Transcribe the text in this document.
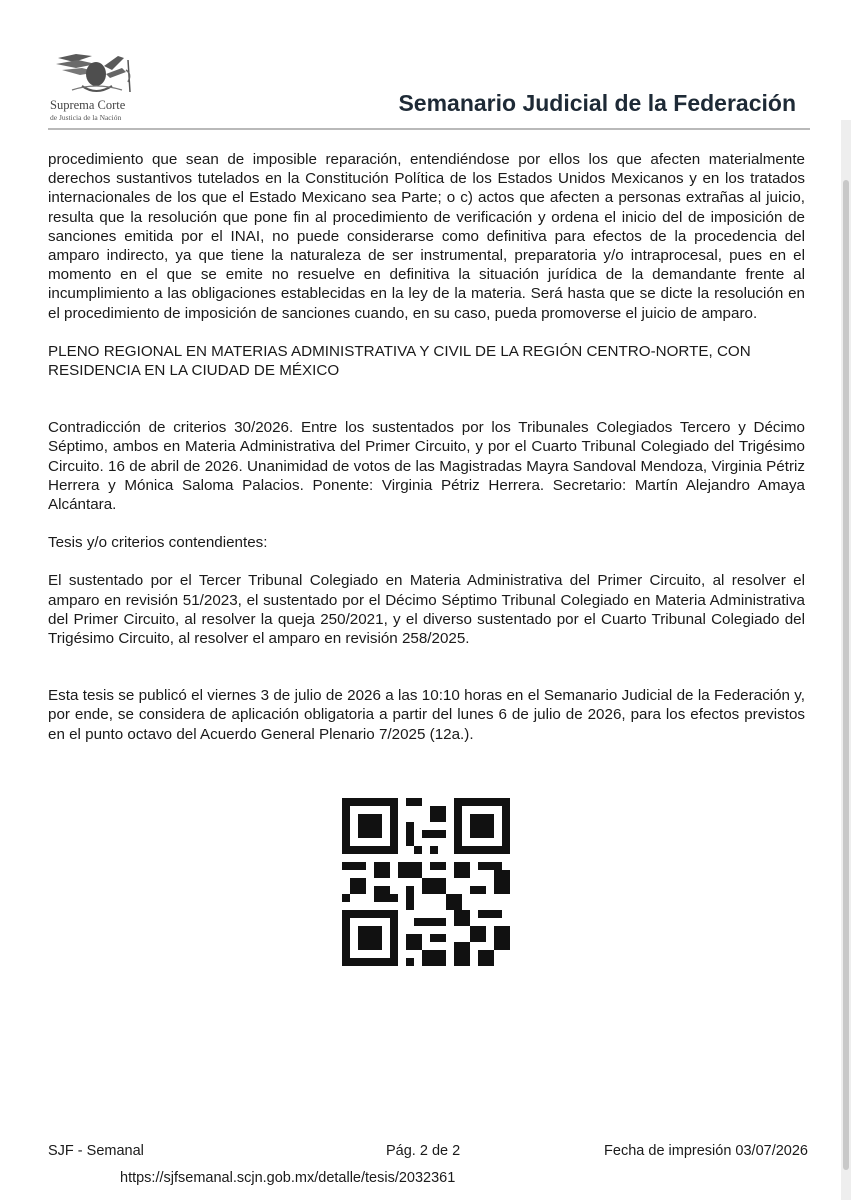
Suprema Corte
de Justicia de la Nación
Semanario Judicial de la Federación

procedimiento que sean de imposible reparación, entendiéndose por ellos los que afecten materialmente derechos sustantivos tutelados en la Constitución Política de los Estados Unidos Mexicanos y en los tratados internacionales de los que el Estado Mexicano sea Parte; o c) actos que afecten a personas extrañas al juicio, resulta que la resolución que pone fin al procedimiento de verificación y ordena el inicio del de imposición de sanciones emitida por el INAI, no puede considerarse como definitiva para efectos de la procedencia del amparo indirecto, ya que tiene la naturaleza de ser instrumental, preparatoria y/o intraprocesal, pues en el momento en el que se emite no resuelve en definitiva la situación jurídica de la demandante frente al incumplimiento a las obligaciones establecidas en la ley de la materia. Será hasta que se dicte la resolución en el procedimiento de imposición de sanciones cuando, en su caso, pueda promoverse el juicio de amparo.

PLENO REGIONAL EN MATERIAS ADMINISTRATIVA Y CIVIL DE LA REGIÓN CENTRO-NORTE, CON RESIDENCIA EN LA CIUDAD DE MÉXICO

Contradicción de criterios 30/2026. Entre los sustentados por los Tribunales Colegiados Tercero y Décimo Séptimo, ambos en Materia Administrativa del Primer Circuito, y por el Cuarto Tribunal Colegiado del Trigésimo Circuito. 16 de abril de 2026. Unanimidad de votos de las Magistradas Mayra Sandoval Mendoza, Virginia Pétriz Herrera y Mónica Saloma Palacios. Ponente: Virginia Pétriz Herrera. Secretario: Martín Alejandro Amaya Alcántara.

Tesis y/o criterios contendientes:

El sustentado por el Tercer Tribunal Colegiado en Materia Administrativa del Primer Circuito, al resolver el amparo en revisión 51/2023, el sustentado por el Décimo Séptimo Tribunal Colegiado en Materia Administrativa del Primer Circuito, al resolver la queja 250/2021, y el diverso sustentado por el Cuarto Tribunal Colegiado del Trigésimo Circuito, al resolver el amparo en revisión 258/2025.

Esta tesis se publicó el viernes 3 de julio de 2026 a las 10:10 horas en el Semanario Judicial de la Federación y, por ende, se considera de aplicación obligatoria a partir del lunes 6 de julio de 2026, para los efectos previstos en el punto octavo del Acuerdo General Plenario 7/2025 (12a.).

SJF - Semanal	Pág. 2 de 2	Fecha de impresión 03/07/2026
https://sjfsemanal.scjn.gob.mx/detalle/tesis/2032361
